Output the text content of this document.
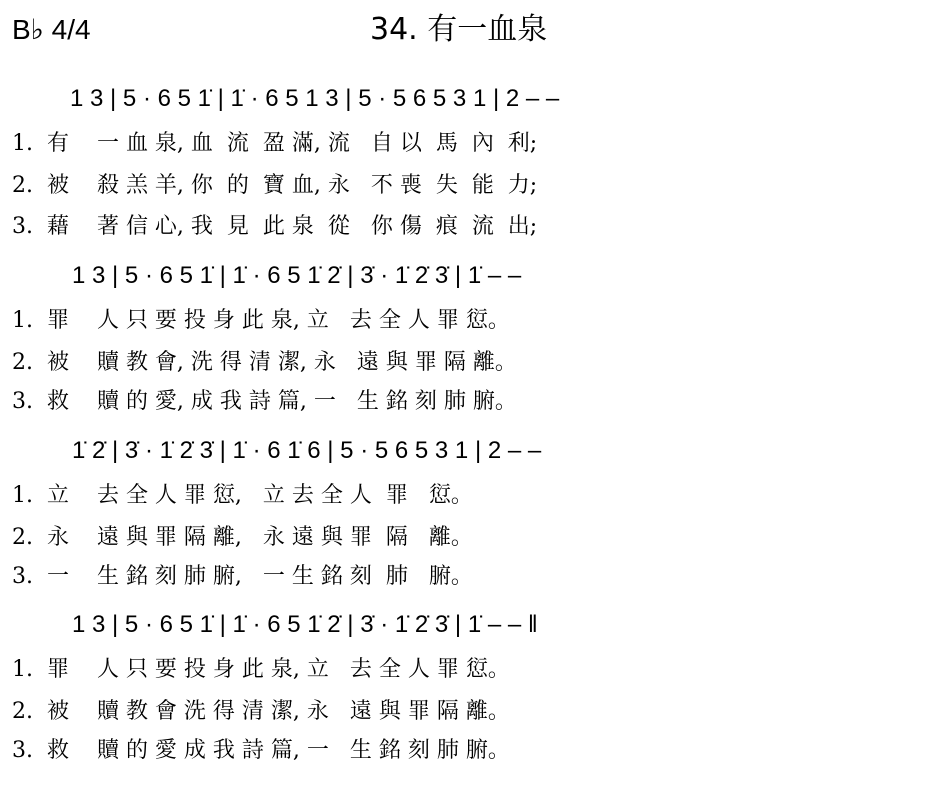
B♭ 4/4	34. 有一血泉
1 3 | 5 · 6 5 1̇ | 1̇ · 6 5 1 3 | 5 · 5 6 5 3 1 | 2 – –
1 3 | 5 · 6 5 1̇ | 1̇ · 6 5 1̇ 2̇ | 3̇ · 1̇ 2̇ 3̇ | 1̇ – –
1̇ 2̇ | 3̇ · 1̇ 2̇ 3̇ | 1̇ · 6 1̇ 6 | 5 · 5 6 5 3 1 | 2 – –
1 3 | 5 · 6 5 1̇ | 1̇ · 6 5 1̇ 2̇ | 3̇ · 1̇ 2̇ 3̇ | 1̇ – – ‖
1.  有    一 血 泉, 血  流  盈 滿, 流   自 以  馬  內  利;
2.  被    殺 羔 羊, 你  的  寶 血, 永   不 喪  失  能  力;
3.  藉    著 信 心, 我  見  此 泉  從   你 傷  痕  流  出;
1.  罪    人 只 要 投 身 此 泉, 立   去 全 人 罪 愆。
2.  被    贖 教 會, 洗 得 清 潔, 永   遠 與 罪 隔 離。
3.  救    贖 的 愛, 成 我 詩 篇, 一   生 銘 刻 肺 腑。
1.  立    去 全 人 罪 愆,   立 去 全 人  罪   愆。
2.  永    遠 與 罪 隔 離,   永 遠 與 罪  隔   離。
3.  一    生 銘 刻 肺 腑,   一 生 銘 刻  肺   腑。
1.  罪    人 只 要 投 身 此 泉, 立   去 全 人 罪 愆。
2.  被    贖 教 會 洗 得 清 潔, 永   遠 與 罪 隔 離。
3.  救    贖 的 愛 成 我 詩 篇, 一   生 銘 刻 肺 腑。
